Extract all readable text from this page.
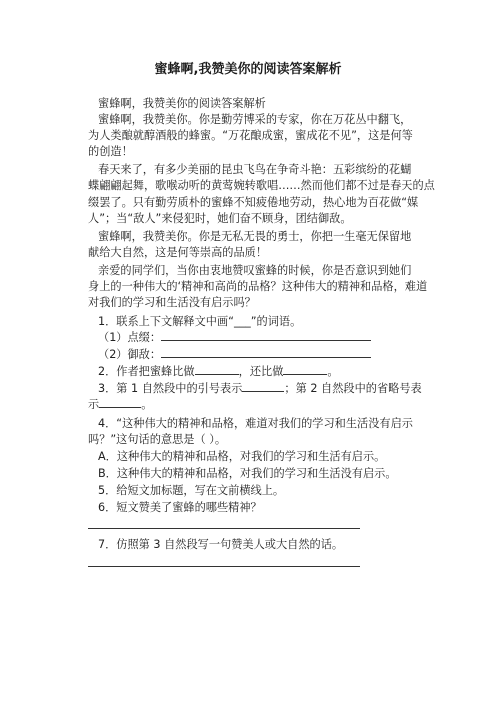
蜜蜂啊,我赞美你的阅读答案解析
蜜蜂啊，我赞美你的阅读答案解析
蜜蜂啊，我赞美你。你是勤劳博采的专家，你在万花丛中翻飞，
为人类酿就醇酒般的蜂蜜。“万花酿成蜜，蜜成花不见”，这是何等
的创造！
春天来了，有多少美丽的昆虫飞鸟在争奇斗艳：五彩缤纷的花蝴
蝶翩翩起舞，歌喉动听的黄莺婉转歌唱……然而他们都不过是春天的点
缀罢了。只有勤劳质朴的蜜蜂不知疲倦地劳动，热心地为百花做“媒
人”；当“敌人”来侵犯时，她们奋不顾身，团结御敌。
蜜蜂啊，我赞美你。你是无私无畏的勇士，你把一生毫无保留地
献给大自然，这是何等崇高的品质！
亲爱的同学们，当你由衷地赞叹蜜蜂的时候，你是否意识到她们
身上的一种伟大的‘精神和高尚的品格？这种伟大的精神和品格，难道
对我们的学习和生活没有启示吗？
1．联系上下文解释文中画“___”的词语。
（1）点缀：
（2）御敌：
2．作者把蜜蜂比做	，还比做	。
3．第 1 自然段中的引号表示	；第 2 自然段中的省略号表
示	。
4．“这种伟大的精神和品格，难道对我们的学习和生活没有启示
吗？”这句话的意思是（ ）。
A．这种伟大的精神和品格，对我们的学习和生活有启示。
B．这种伟大的精神和品格，对我们的学习和生活没有启示。
5．给短文加标题，写在文前横线上。
6．短文赞美了蜜蜂的哪些精神？
7．仿照第 3 自然段写一句赞美人或大自然的话。
